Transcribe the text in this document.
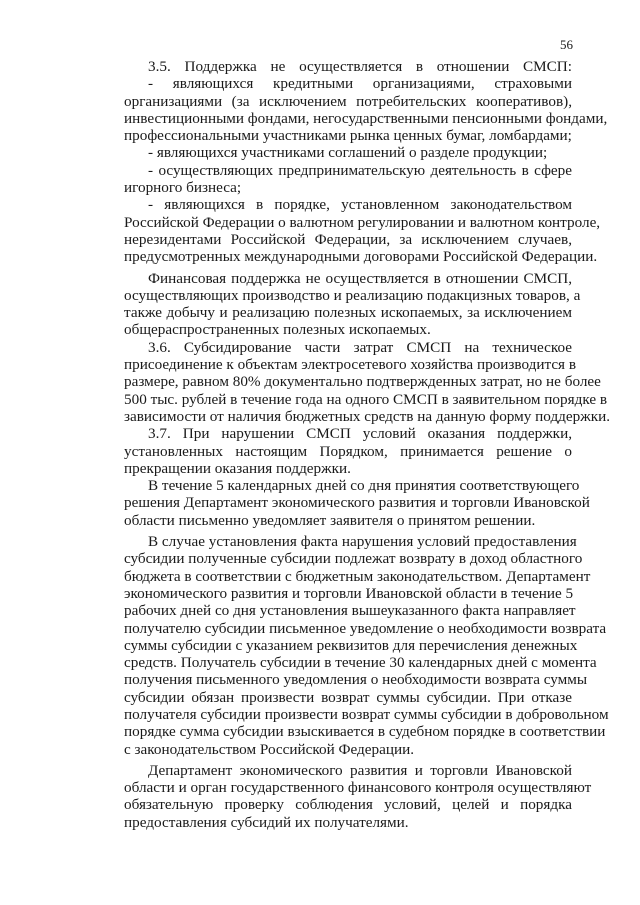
56
3.5. Поддержка не осуществляется в отношении СМСП:
- являющихся кредитными организациями, страховыми
организациями (за исключением потребительских кооперативов),
инвестиционными фондами, негосударственными пенсионными фондами,
профессиональными участниками рынка ценных бумаг, ломбардами;
- являющихся участниками соглашений о разделе продукции;
- осуществляющих предпринимательскую деятельность в сфере
игорного бизнеса;
- являющихся в порядке, установленном законодательством
Российской Федерации о валютном регулировании и валютном контроле,
нерезидентами Российской Федерации, за исключением случаев,
предусмотренных международными договорами Российской Федерации.
Финансовая поддержка не осуществляется в отношении СМСП,
осуществляющих производство и реализацию подакцизных товаров, а
также добычу и реализацию полезных ископаемых, за исключением
общераспространенных полезных ископаемых.
3.6. Субсидирование части затрат СМСП на техническое
присоединение к объектам электросетевого хозяйства производится в
размере, равном 80% документально подтвержденных затрат, но не более
500 тыс. рублей в течение года на одного СМСП в заявительном порядке в
зависимости от наличия бюджетных средств на данную форму поддержки.
3.7. При нарушении СМСП условий оказания поддержки,
установленных настоящим Порядком, принимается решение о
прекращении оказания поддержки.
В течение 5 календарных дней со дня принятия соответствующего
решения Департамент экономического развития и торговли Ивановской
области письменно уведомляет заявителя о принятом решении.
В случае установления факта нарушения условий предоставления
субсидии полученные субсидии подлежат возврату в доход областного
бюджета в соответствии с бюджетным законодательством. Департамент
экономического развития и торговли Ивановской области в течение 5
рабочих дней со дня установления вышеуказанного факта направляет
получателю субсидии письменное уведомление о необходимости возврата
суммы субсидии с указанием реквизитов для перечисления денежных
средств. Получатель субсидии в течение 30 календарных дней с момента
получения письменного уведомления о необходимости возврата суммы
субсидии обязан произвести возврат суммы субсидии. При отказе
получателя субсидии произвести возврат суммы субсидии в добровольном
порядке сумма субсидии взыскивается в судебном порядке в соответствии
с законодательством Российской Федерации.
Департамент экономического развития и торговли Ивановской
области и орган государственного финансового контроля осуществляют
обязательную проверку соблюдения условий, целей и порядка
предоставления субсидий их получателями.
